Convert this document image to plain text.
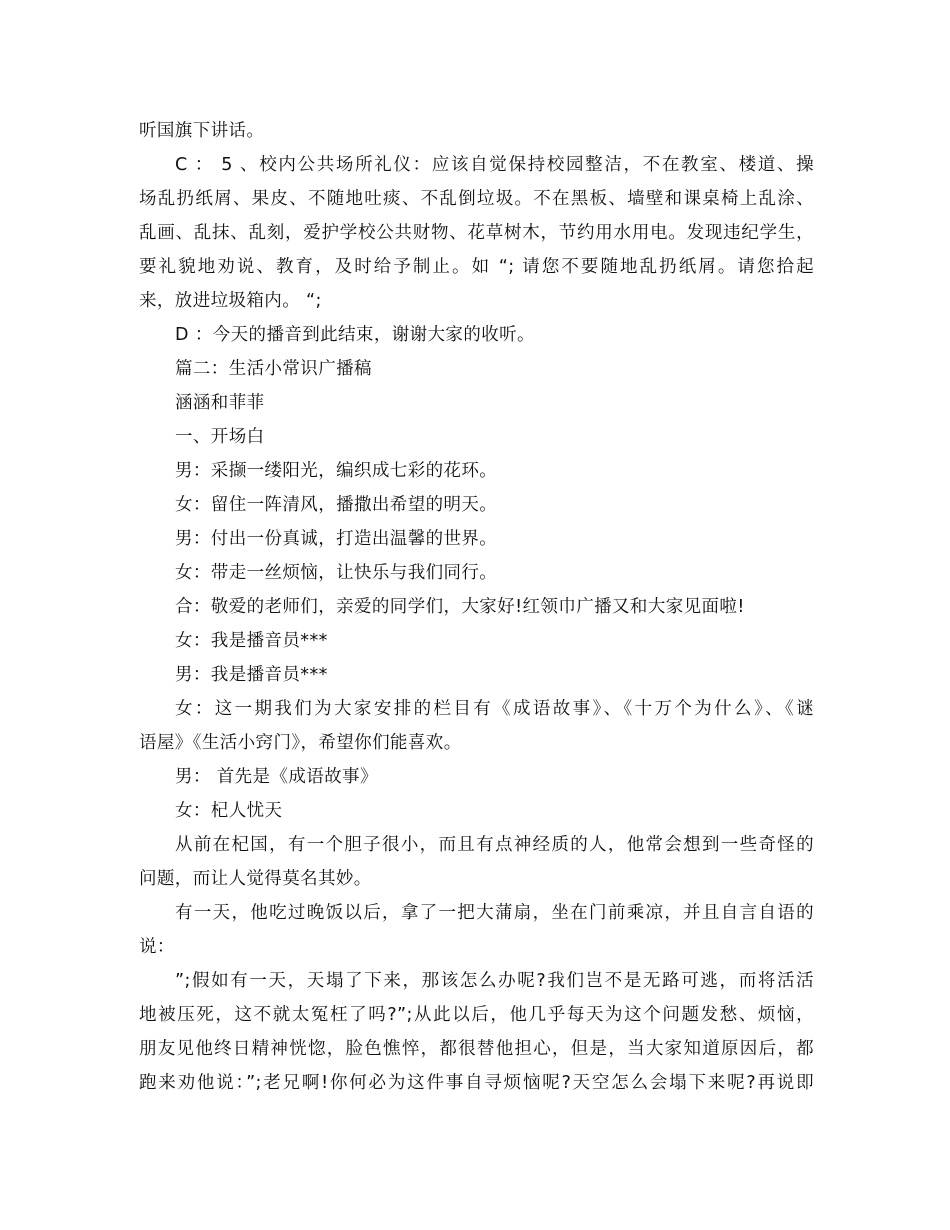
听国旗下讲话。
C ： 5 、校内公共场所礼仪：应该自觉保持校园整洁，不在教室、楼道、操
场乱扔纸屑、果皮、不随地吐痰、不乱倒垃圾。不在黑板、墙壁和课桌椅上乱涂、
乱画、乱抹、乱刻，爱护学校公共财物、花草树木，节约用水用电。发现违纪学生，
要礼貌地劝说、教育，及时给予制止。如 “; 请您不要随地乱扔纸屑。请您拾起
来，放进垃圾箱内。 “;
D ：今天的播音到此结束，谢谢大家的收听。
篇二：生活小常识广播稿
涵涵和菲菲
一、开场白
男：采撷一缕阳光，编织成七彩的花环。
女：留住一阵清风，播撒出希望的明天。
男：付出一份真诚，打造出温馨的世界。
女：带走一丝烦恼，让快乐与我们同行。
合：敬爱的老师们，亲爱的同学们，大家好!红领巾广播又和大家见面啦!
女：我是播音员***
男：我是播音员***
女：这一期我们为大家安排的栏目有《成语故事》、《十万个为什么》、《谜
语屋》《生活小窍门》，希望你们能喜欢。
男： 首先是《成语故事》
女：杞人忧天
从前在杞国，有一个胆子很小，而且有点神经质的人，他常会想到一些奇怪的
问题，而让人觉得莫名其妙。
有一天，他吃过晚饭以后，拿了一把大蒲扇，坐在门前乘凉，并且自言自语的
说：
”;假如有一天，天塌了下来，那该怎么办呢?我们岂不是无路可逃，而将活活
地被压死，这不就太冤枉了吗?”;从此以后，他几乎每天为这个问题发愁、烦恼，
朋友见他终日精神恍惚，脸色憔悴，都很替他担心，但是，当大家知道原因后，都
跑来劝他说：”;老兄啊!你何必为这件事自寻烦恼呢?天空怎么会塌下来呢?再说即
